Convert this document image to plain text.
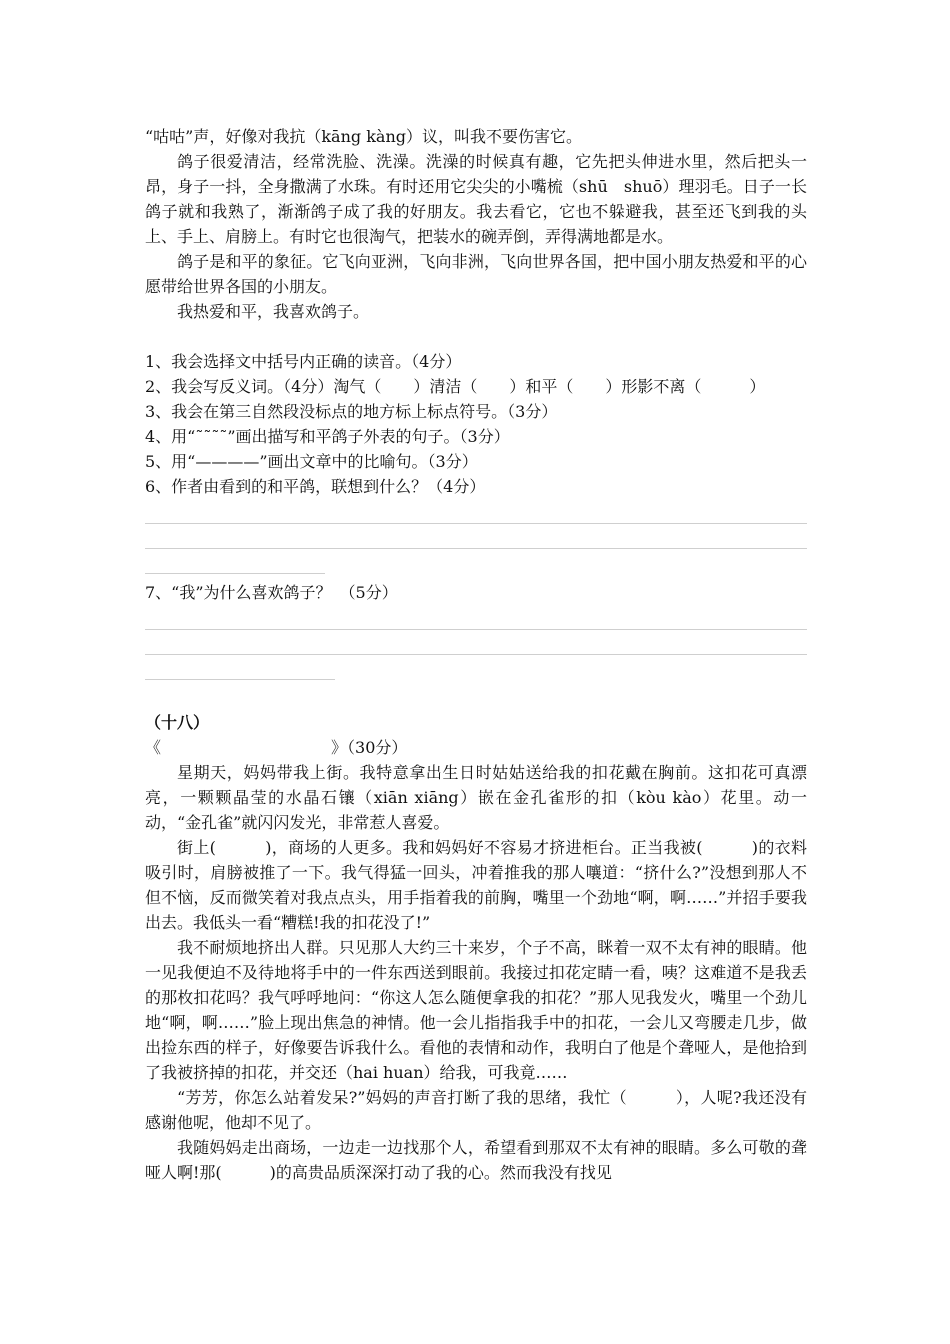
“咕咕”声，好像对我抗（kāng kàng）议，叫我不要伤害它。

鸽子很爱清洁，经常洗脸、洗澡。洗澡的时候真有趣，它先把头伸进水里，然后把头一昂，身子一抖，全身撒满了水珠。有时还用它尖尖的小嘴梳（shū　shuō）理羽毛。日子一长鸽子就和我熟了，渐渐鸽子成了我的好朋友。我去看它，它也不躲避我，甚至还飞到我的头上、手上、肩膀上。有时它也很淘气，把装水的碗弄倒，弄得满地都是水。

鸽子是和平的象征。它飞向亚洲，飞向非洲，飞向世界各国，把中国小朋友热爱和平的心愿带给世界各国的小朋友。

我热爱和平，我喜欢鸽子。

1、我会选择文中括号内正确的读音。（4分）

2、我会写反义词。（4分）淘气（　　）清洁（　　）和平（　　）形影不离（　　　）

3、我会在第三自然段没标点的地方标上标点符号。（3分）

4、用“˜˜˜˜”画出描写和平鸽子外表的句子。（3分）

5、用“————”画出文章中的比喻句。（3分）

6、作者由看到的和平鸽，联想到什么？（4分）

7、“我”为什么喜欢鸽子？　（5分）

（十八）

《	》（30分）

星期天，妈妈带我上街。我特意拿出生日时姑姑送给我的扣花戴在胸前。这扣花可真漂亮，一颗颗晶莹的水晶石镶（xiān xiāng）嵌在金孔雀形的扣（kòu kào）花里。动一动，“金孔雀”就闪闪发光，非常惹人喜爱。

街上(　　　)，商场的人更多。我和妈妈好不容易才挤进柜台。正当我被(　　　)的衣料吸引时，肩膀被推了一下。我气得猛一回头，冲着推我的那人嚷道：“挤什么?”没想到那人不但不恼，反而微笑着对我点点头，用手指着我的前胸，嘴里一个劲地“啊，啊……”并招手要我出去。我低头一看“糟糕!我的扣花没了!”

我不耐烦地挤出人群。只见那人大约三十来岁，个子不高，眯着一双不太有神的眼睛。他一见我便迫不及待地将手中的一件东西送到眼前。我接过扣花定睛一看，咦？这难道不是我丢的那枚扣花吗？我气呼呼地问：“你这人怎么随便拿我的扣花？”那人见我发火，嘴里一个劲儿地“啊，啊……”脸上现出焦急的神情。他一会儿指指我手中的扣花，一会儿又弯腰走几步，做出捡东西的样子，好像要告诉我什么。看他的表情和动作，我明白了他是个聋哑人，是他拾到了我被挤掉的扣花，并交还（hai huan）给我，可我竟……

“芳芳，你怎么站着发呆?”妈妈的声音打断了我的思绪，我忙（　　　），人呢?我还没有感谢他呢，他却不见了。

我随妈妈走出商场，一边走一边找那个人，希望看到那双不太有神的眼睛。多么可敬的聋哑人啊!那(　　　)的高贵品质深深打动了我的心。然而我没有找见
